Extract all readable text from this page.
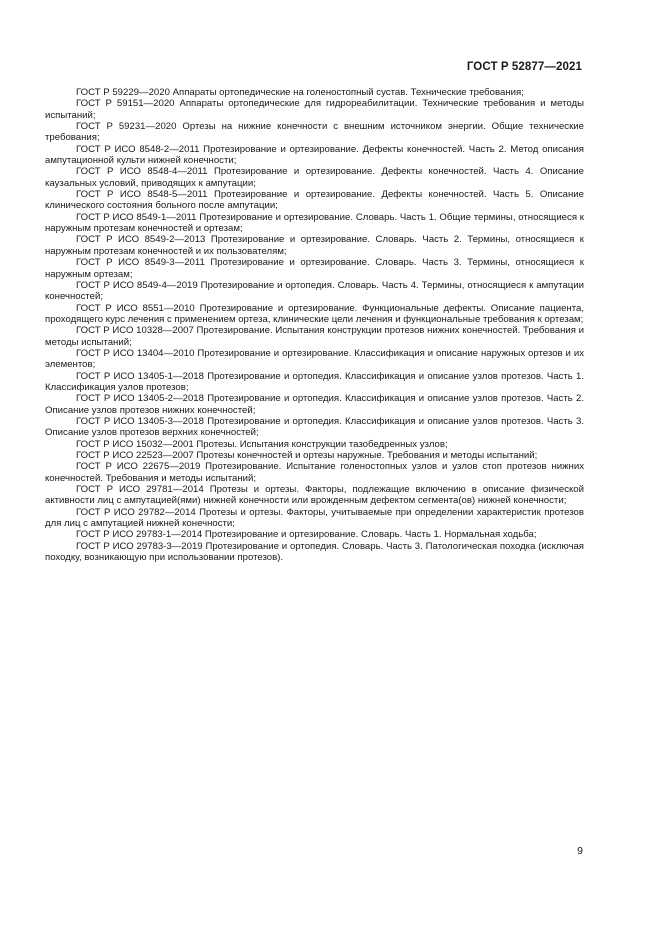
ГОСТ Р 52877—2021

ГОСТ Р 59229—2020 Аппараты ортопедические на голеностопный сустав. Технические требования;

ГОСТ Р 59151—2020 Аппараты ортопедические для гидрореабилитации. Технические требования и методы испытаний;

ГОСТ Р 59231—2020 Ортезы на нижние конечности с внешним источником энергии. Общие технические требования;

ГОСТ Р ИСО 8548-2—2011 Протезирование и ортезирование. Дефекты конечностей. Часть 2. Метод описания ампутационной культи нижней конечности;

ГОСТ Р ИСО 8548-4—2011 Протезирование и ортезирование. Дефекты конечностей. Часть 4. Описание каузальных условий, приводящих к ампутации;

ГОСТ Р ИСО 8548-5—2011 Протезирование и ортезирование. Дефекты конечностей. Часть 5. Описание клинического состояния больного после ампутации;

ГОСТ Р ИСО 8549-1—2011 Протезирование и ортезирование. Словарь. Часть 1. Общие термины, относящиеся к наружным протезам конечностей и ортезам;

ГОСТ Р ИСО 8549-2—2013 Протезирование и ортезирование. Словарь. Часть 2. Термины, относящиеся к наружным протезам конечностей и их пользователям;

ГОСТ Р ИСО 8549-3—2011 Протезирование и ортезирование. Словарь. Часть 3. Термины, относящиеся к наружным ортезам;

ГОСТ Р ИСО 8549-4—2019 Протезирование и ортопедия. Словарь. Часть 4. Термины, относящиеся к ампутации конечностей;

ГОСТ Р ИСО 8551—2010 Протезирование и ортезирование. Функциональные дефекты. Описание пациента, проходящего курс лечения с применением ортеза, клинические цели лечения и функциональные требования к ортезам;

ГОСТ Р ИСО 10328—2007 Протезирование. Испытания конструкции протезов нижних конечностей. Требования и методы испытаний;

ГОСТ Р ИСО 13404—2010 Протезирование и ортезирование. Классификация и описание наружных ортезов и их элементов;

ГОСТ Р ИСО 13405-1—2018 Протезирование и ортопедия. Классификация и описание узлов протезов. Часть 1. Классификация узлов протезов;

ГОСТ Р ИСО 13405-2—2018 Протезирование и ортопедия. Классификация и описание узлов протезов. Часть 2. Описание узлов протезов нижних конечностей;

ГОСТ Р ИСО 13405-3—2018 Протезирование и ортопедия. Классификация и описание узлов протезов. Часть 3. Описание узлов протезов верхних конечностей;

ГОСТ Р ИСО 15032—2001 Протезы. Испытания конструкции тазобедренных узлов;

ГОСТ Р ИСО 22523—2007 Протезы конечностей и ортезы наружные. Требования и методы испытаний;

ГОСТ Р ИСО 22675—2019 Протезирование. Испытание голеностопных узлов и узлов стоп протезов нижних конечностей. Требования и методы испытаний;

ГОСТ Р ИСО 29781—2014 Протезы и ортезы. Факторы, подлежащие включению в описание физической активности лиц с ампутацией(ями) нижней конечности или врожденным дефектом сегмента(ов) нижней конечности;

ГОСТ Р ИСО 29782—2014 Протезы и ортезы. Факторы, учитываемые при определении характеристик протезов для лиц с ампутацией нижней конечности;

ГОСТ Р ИСО 29783-1—2014 Протезирование и ортезирование. Словарь. Часть 1. Нормальная ходьба;

ГОСТ Р ИСО 29783-3—2019 Протезирование и ортопедия. Словарь. Часть 3. Патологическая походка (исключая походку, возникающую при использовании протезов).

9
